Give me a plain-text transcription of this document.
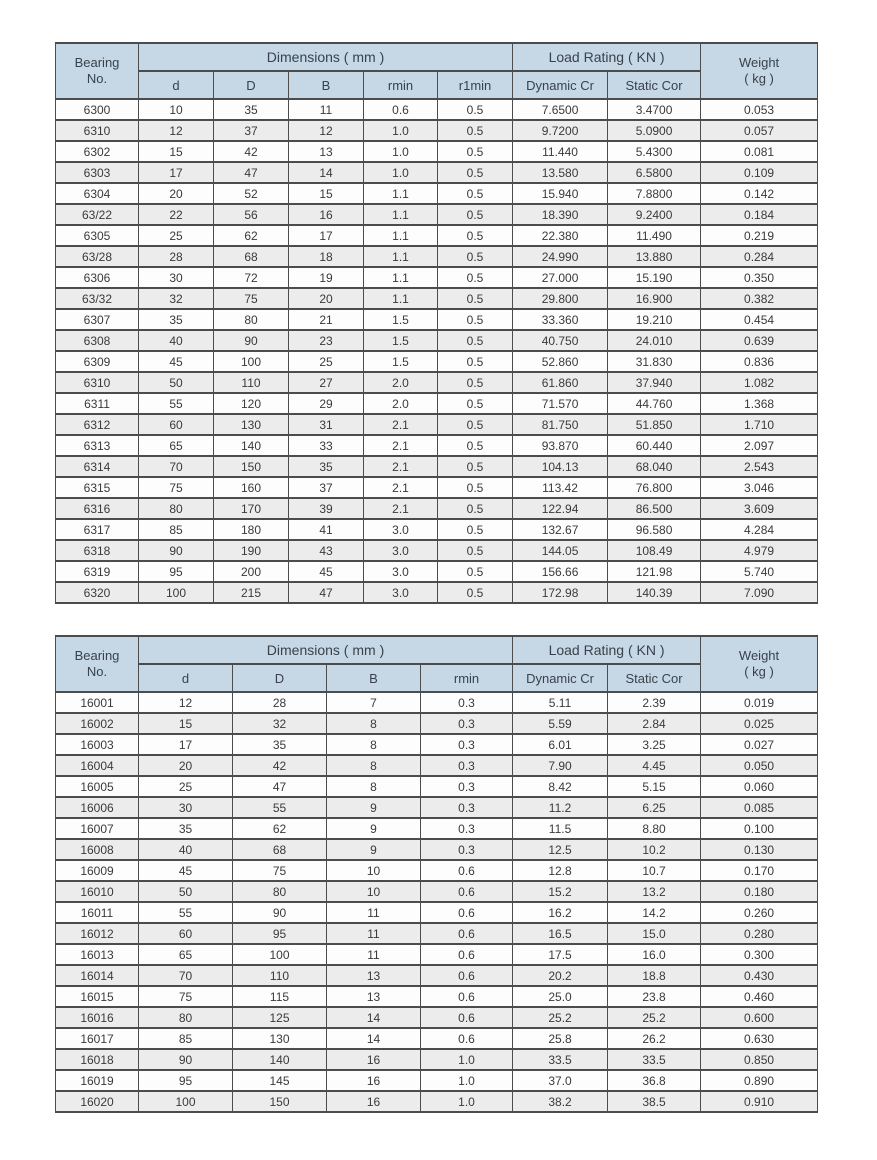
Bearing
No.	Dimensions ( mm )					Load Rating ( KN )		Weight
( kg )
	d	D	B	rmin	r1min	Dynamic Cr	Static Cor	
6300	10	35	11	0.6	0.5	7.6500	3.4700	0.053
6310	12	37	12	1.0	0.5	9.7200	5.0900	0.057
6302	15	42	13	1.0	0.5	11.440	5.4300	0.081
6303	17	47	14	1.0	0.5	13.580	6.5800	0.109
6304	20	52	15	1.1	0.5	15.940	7.8800	0.142
63/22	22	56	16	1.1	0.5	18.390	9.2400	0.184
6305	25	62	17	1.1	0.5	22.380	11.490	0.219
63/28	28	68	18	1.1	0.5	24.990	13.880	0.284
6306	30	72	19	1.1	0.5	27.000	15.190	0.350
63/32	32	75	20	1.1	0.5	29.800	16.900	0.382
6307	35	80	21	1.5	0.5	33.360	19.210	0.454
6308	40	90	23	1.5	0.5	40.750	24.010	0.639
6309	45	100	25	1.5	0.5	52.860	31.830	0.836
6310	50	110	27	2.0	0.5	61.860	37.940	1.082
6311	55	120	29	2.0	0.5	71.570	44.760	1.368
6312	60	130	31	2.1	0.5	81.750	51.850	1.710
6313	65	140	33	2.1	0.5	93.870	60.440	2.097
6314	70	150	35	2.1	0.5	104.13	68.040	2.543
6315	75	160	37	2.1	0.5	113.42	76.800	3.046
6316	80	170	39	2.1	0.5	122.94	86.500	3.609
6317	85	180	41	3.0	0.5	132.67	96.580	4.284
6318	90	190	43	3.0	0.5	144.05	108.49	4.979
6319	95	200	45	3.0	0.5	156.66	121.98	5.740
6320	100	215	47	3.0	0.5	172.98	140.39	7.090
Bearing
No.	Dimensions ( mm )				Load Rating ( KN )		Weight
( kg )
	d	D	B	rmin	Dynamic Cr	Static Cor	
16001	12	28	7	0.3	5.11	2.39	0.019
16002	15	32	8	0.3	5.59	2.84	0.025
16003	17	35	8	0.3	6.01	3.25	0.027
16004	20	42	8	0.3	7.90	4.45	0.050
16005	25	47	8	0.3	8.42	5.15	0.060
16006	30	55	9	0.3	11.2	6.25	0.085
16007	35	62	9	0.3	11.5	8.80	0.100
16008	40	68	9	0.3	12.5	10.2	0.130
16009	45	75	10	0.6	12.8	10.7	0.170
16010	50	80	10	0.6	15.2	13.2	0.180
16011	55	90	11	0.6	16.2	14.2	0.260
16012	60	95	11	0.6	16.5	15.0	0.280
16013	65	100	11	0.6	17.5	16.0	0.300
16014	70	110	13	0.6	20.2	18.8	0.430
16015	75	115	13	0.6	25.0	23.8	0.460
16016	80	125	14	0.6	25.2	25.2	0.600
16017	85	130	14	0.6	25.8	26.2	0.630
16018	90	140	16	1.0	33.5	33.5	0.850
16019	95	145	16	1.0	37.0	36.8	0.890
16020	100	150	16	1.0	38.2	38.5	0.910
